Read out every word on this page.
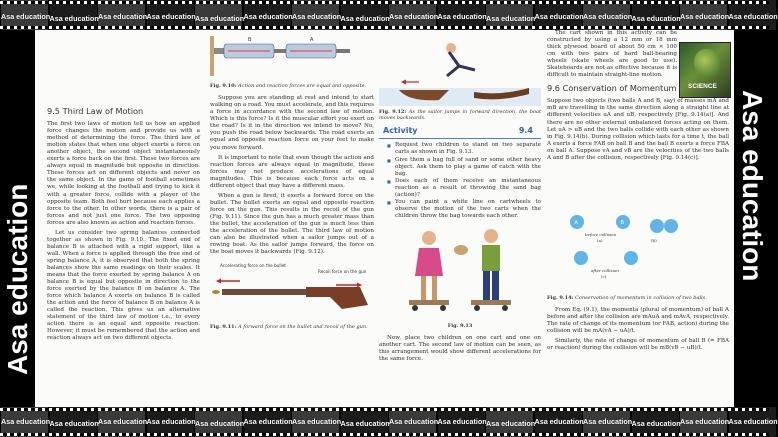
Asa education Asa education Asa education Asa education Asa education Asa education Asa education Asa education Asa education Asa education Asa education Asa education Asa education Asa education Asa education Asa education
Asa education	Asa education
9.5 Third Law of Motion

The first two laws of motion tell us how an applied force changes the motion and provide us with a method of determining the force. The third law of motion states that when one object exerts a force on another object, the second object instantaneously exerts a force back on the first. These two forces are always equal in magnitude but opposite in direction. These forces act on different objects and never on the same object. In the game of football sometimes we, while looking at the football and trying to kick it with a greater force, collide with a player of the opposite team. Both feel hurt because each applies a force to the other. In other words, there is a pair of forces and not just one force. The two opposing forces are also known as action and reaction forces.

Let us consider two spring balances connected together as shown in Fig. 9.10. The fixed end of balance B is attached with a rigid support, like a wall. When a force is applied through the free end of spring balance A, it is observed that both the spring balances show the same readings on their scales. It means that the force exerted by spring balance A on balance B is equal but opposite in direction to the force exerted by the balance B on balance A. The force which balance A exerts on balance B is called the action and the force of balance B on balance A is called the reaction. This gives us an alternative statement of the third law of motion i.e., to every action there is an equal and opposite reaction. However, it must be remembered that the action and reaction always act on two different objects.

B	A
Fig. 9.10: Action and reaction forces are equal and opposite.

Suppose you are standing at rest and intend to start walking on a road. You must accelerate, and this requires a force in accordance with the second law of motion. Which is this force? Is it the muscular effort you exert on the road? Is it in the direction we intend to move? No, you push the road below backwards. The road exerts an equal and opposite reaction force on your feet to make you move forward.

It is important to note that even though the action and reaction forces are always equal in magnitude, these forces may not produce accelerations of equal magnitudes. This is because each force acts on a different object that may have a different mass.

When a gun is fired, it exerts a forward force on the bullet. The bullet exerts an equal and opposite reaction force on the gun. This results in the recoil of the gun (Fig. 9.11). Since the gun has a much greater mass than the bullet, the acceleration of the gun is much less than the acceleration of the bullet. The third law of motion can also be illustrated when a sailor jumps out of a rowing boat. As the sailor jumps forward, the force on the boat moves it backwards (Fig. 9.12).

Accelerating force on the bullet
Recoil force on the gun
Fig. 9.11: A forward force on the bullet and recoil of the gun.
Fig. 9.12: As the sailor jumps in forward direction, the boat moves backwards.
Activity	9.4
■ Request two children to stand on two separate carts as shown in Fig. 9.13.
■ Give them a bag full of sand or some other heavy object. Ask them to play a game of catch with the bag.
■ Does each of them receive an instantaneous reaction as a result of throwing the sand bag (action)?
■ You can paint a white line on cartwheels to observe the motion of the two carts when the children throw the bag towards each other.
Fig. 9.13

Now, place two children on one cart and one on another cart. The second law of motion can be seen, as this arrangement would show different accelerations for the same force.

The cart shown in this activity can be constructed by using a 12 mm or 18 mm thick plywood board of about 50 cm × 100 cm with two pairs of hard ball-bearing wheels (skate wheels are good to use). Skateboards are not as effective because it is difficult to maintain straight-line motion.

9.6 Conservation of Momentum

Suppose two objects (two balls A and B, say) of masses mA and mB are travelling in the same direction along a straight line at different velocities uA and uB, respectively [Fig. 9.14(a)]. And there are no other external unbalanced forces acting on them. Let uA > uB and the two balls collide with each other as shown in Fig. 9.14(b). During collision which lasts for a time t, the ball A exerts a force FAB on ball B and the ball B exerts a force FBA on ball A. Suppose vA and vB are the velocities of the two balls A and B after the collision, respectively [Fig. 9.14(c)].

A	B
before collision
(a)	(b)
after collision
(c)
Fig. 9.14: Conservation of momentum in collision of two balls.

From Eq. (9.1), the momenta (plural of momentum) of ball A before and after the collision are mAuA and mAvA, respectively. The rate of change of its momentum (or FAB, action) during the collision will be mA(vA − uA)/t.

Similarly, the rate of change of momentum of ball B (= FBA or reaction) during the collision will be mB(vB − uB)/t.

SCIENCE
Asa education Asa education Asa education Asa education Asa education Asa education Asa education Asa education Asa education Asa education Asa education Asa education Asa education Asa education Asa education Asa education
